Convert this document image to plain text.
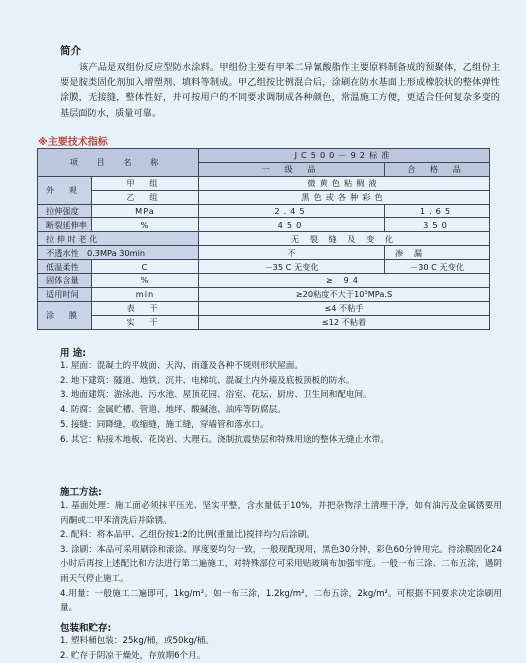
简介
该产品是双组份反应型防水涂料。甲组份主要有甲苯二异氰酸脂作主要原料制备成的预聚体，乙组份主要是胺类固化剂加入增塑剂、填料等制成。甲乙组按比例混合后，涂刷在防水基面上形成橡胶状的整体弹性涂膜，无接缝，整体性好，并可按用户的不同要求调制成各种颜色，常温施工方便，更适合任何复杂多变的基层面防水，质量可靠。
※主要技术指标
项 目 名 称		JC500－92标准	
		一 级 品	合 格 品
外 观	甲 组	微黄色粘稠液	
	乙 组	黑色或各种彩色	
拉伸强度	MPa	2.45	1.65
断裂延伸率	%	450	350
拉 伸 时 老 化		无 裂 缝 及 变 化	
不透水性　0.3MPa 30min		不	渗 漏
低温柔性	C	－35 C 无变化	－30 C 无变化
固体含量	%	≥ 94	
适用时间	min	≥20粘度不大于10⁵MPa.S	
涂 膜	表 干	≤4 不粘手	
	实 干	≤12 不粘着	
用 途:
1. 屋面：混凝土的平坡面、天沟、雨蓬及各种不规则形状屋面。
2. 地下建筑：隧道、地铁、沉井、电梯坑、混凝土内外墙及底板顶板的防水。
3. 地面建筑：游泳池、污水池、屋顶花园、浴室、花坛、厨房、卫生间和配电间。
4. 防腐：金属贮槽、管道、地坪、酸碱池、油库等防腐层。
5. 接缝：同降缝，收缩缝，施工缝，穿墙管和落水口。
6. 其它：粘接木地板、花岗岩、大理石。浇制抗震垫层和特殊用途的整体无缝止水带。
施工方法:

1. 基面处理：施工面必须抹平压光、坚实平整，含水量低于10%，并把杂物浮土清理干净，如有油污及金属锈要用丙酮或二甲苯清洗后并除锈。

2. 配料：将本品甲、乙组份按1:2的比例(重量比)搅拌均匀后涂刷。

3. 涂刷：本品可采用刷涂和滚涂。厚度要均匀一致，一般现配现用，黑色30分钟，彩色60分钟用完。待涂膜固化24小时后再按上述配比和方法进行第二遍施工，对特殊部位可采用贴玻璃布加强牢度。一般一布三涂、二布五涂，遇阴雨天气停止施工。

4.用量：一般施工二遍即可，1kg/m²。如一布三涂，1.2kg/m²，二布五涂，2kg/m²。可根据不同要求决定涂刷用量。

包装和贮存:
1. 塑料桶包装：25kg/桶，或50kg/桶。
2. 贮存于阴凉干燥处，存放期6个月。
